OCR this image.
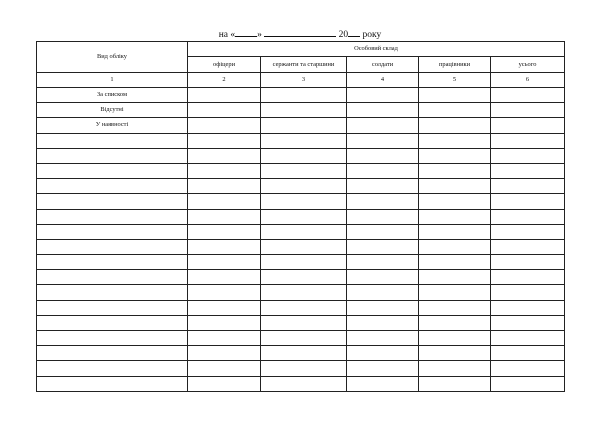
на « »	20 року
Вид обліку	Особовий склад				
	офіцери	сержанти та старшини	солдати	працівники	усього
1	2	3	4	5	6
За списком					
Відсутні					
У наявності					
